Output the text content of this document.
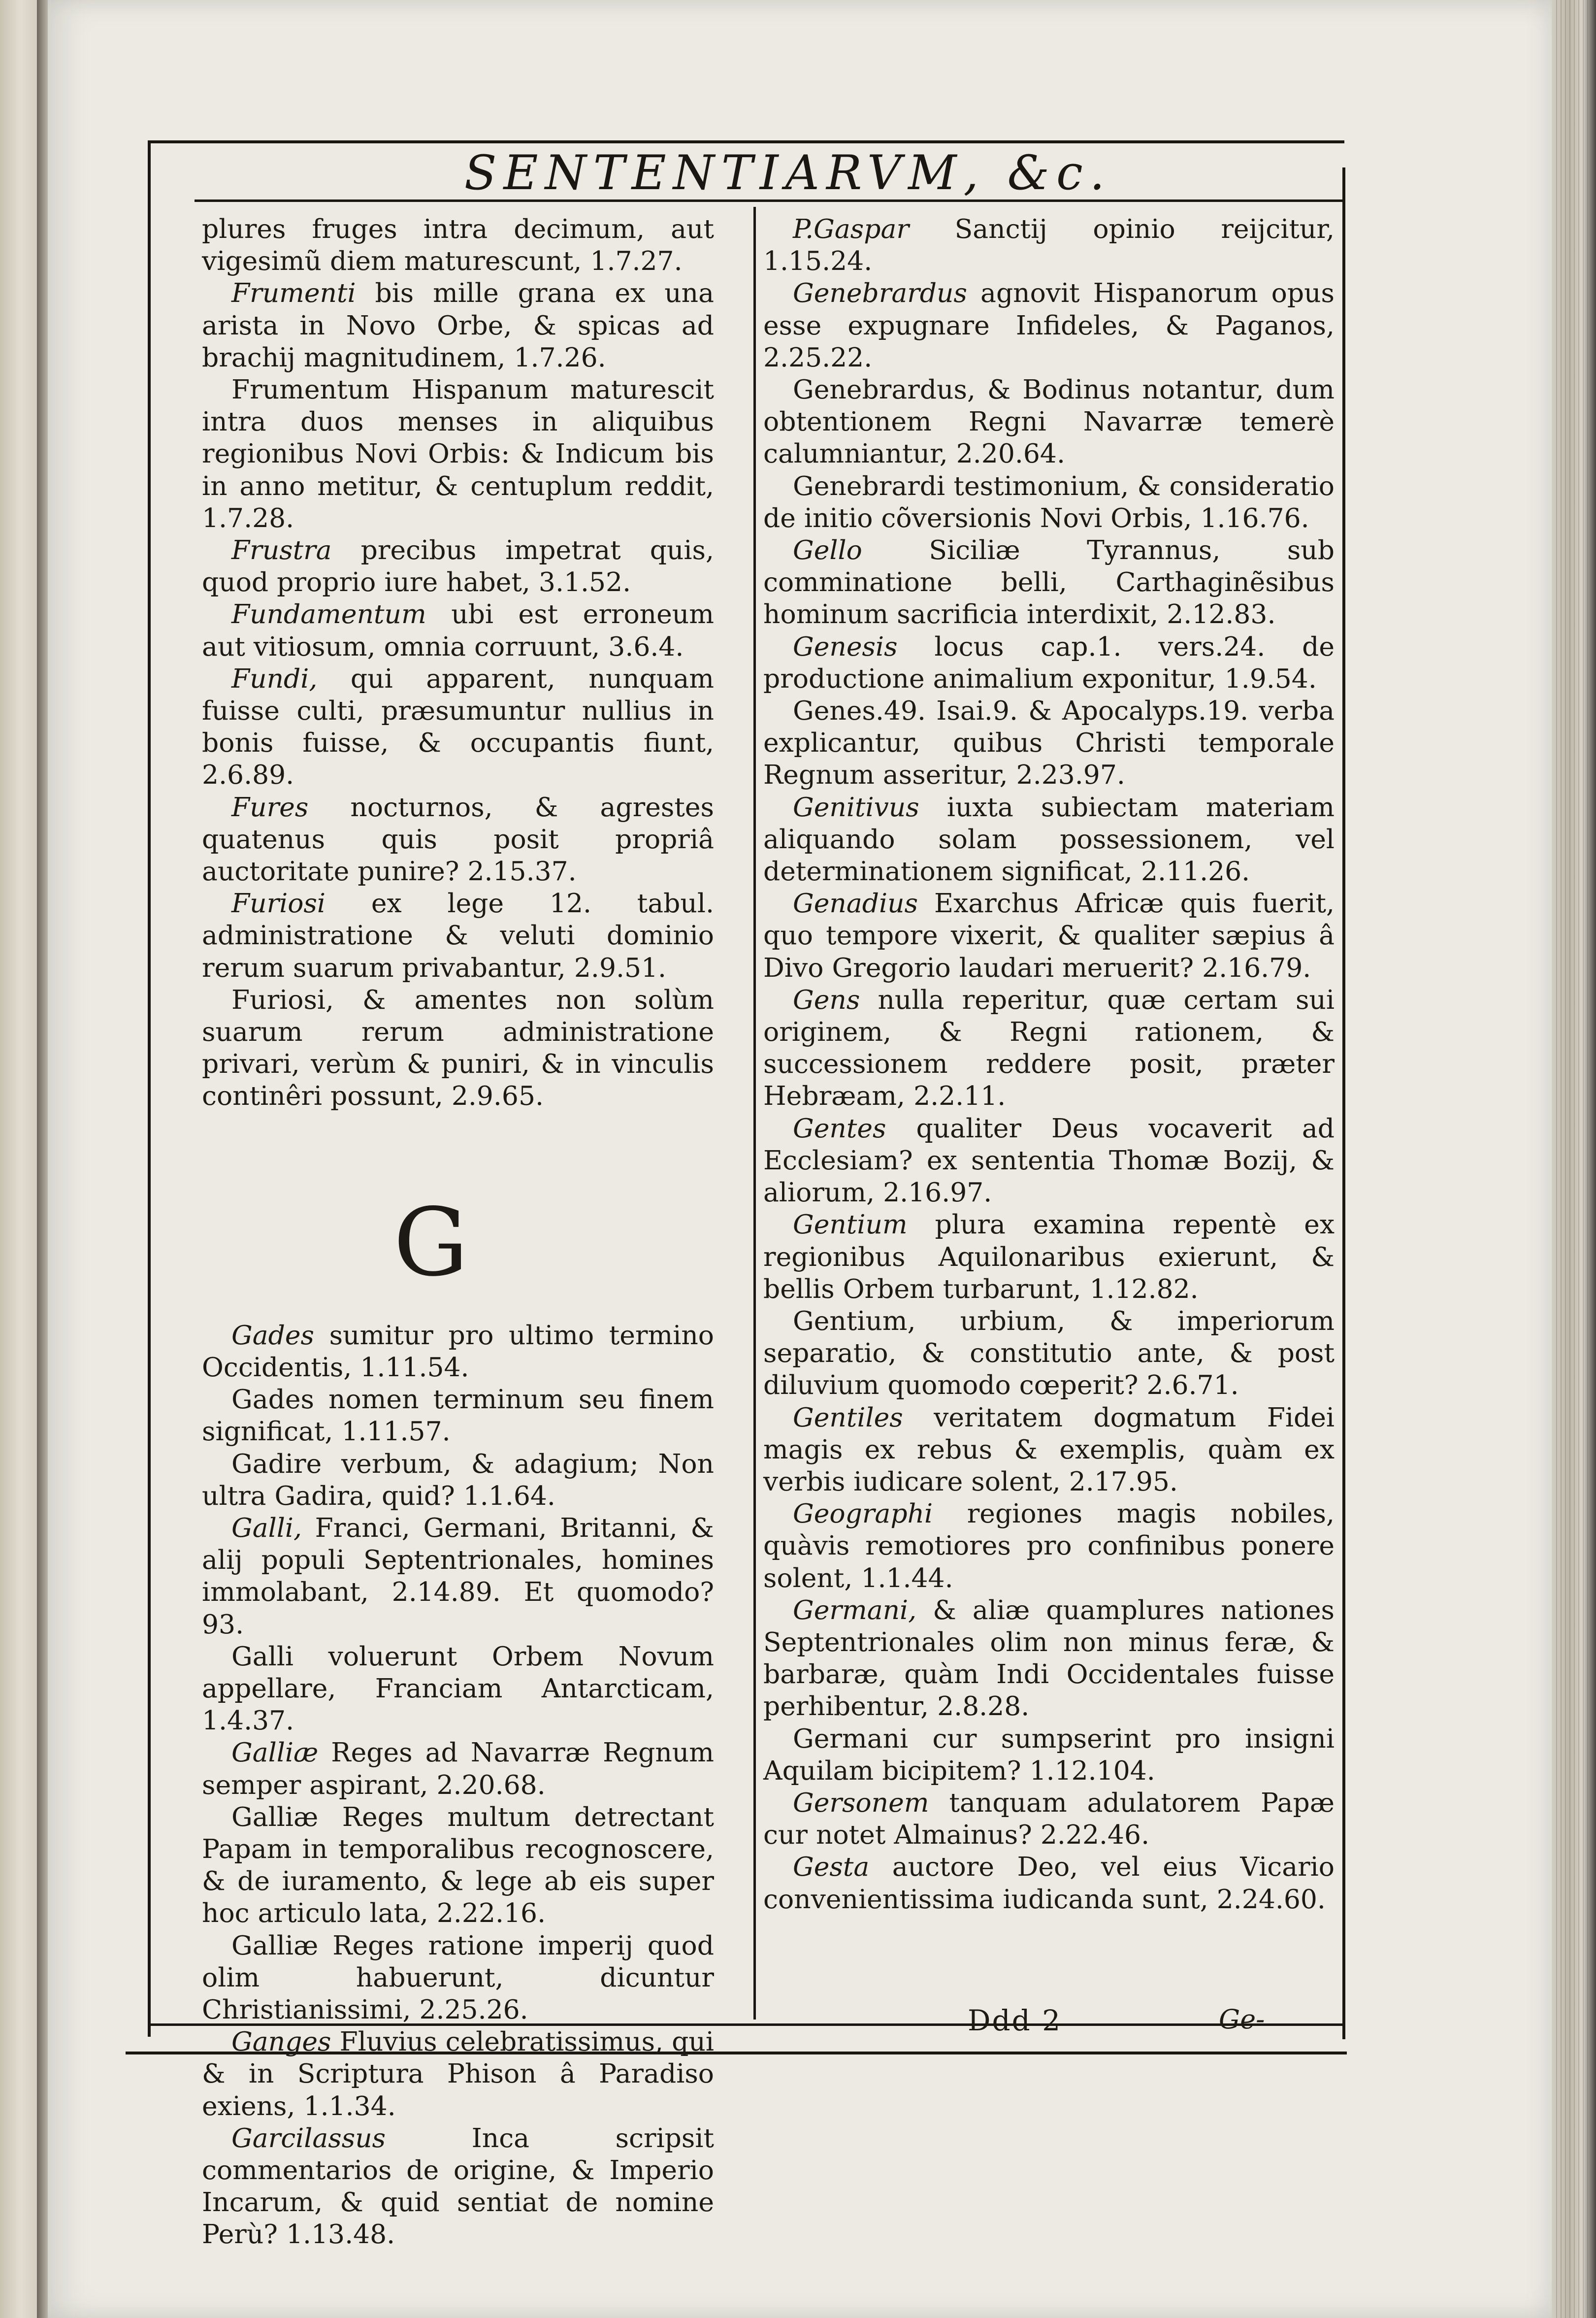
SENTENTIARVM, &c.

plures fruges intra decimum, aut vigesimũ diem maturescunt, 1.7.27.

Frumenti bis mille grana ex una arista in Novo Orbe, & spicas ad brachij magnitudinem, 1.7.26.

Frumentum Hispanum maturescit intra duos menses in aliquibus regionibus Novi Orbis: & Indicum bis in anno metitur, & centuplum reddit, 1.7.28.

Frustra precibus impetrat quis, quod proprio iure habet, 3.1.52.

Fundamentum ubi est erroneum aut vitiosum, omnia corruunt, 3.6.4.

Fundi, qui apparent, nunquam fuisse culti, præsumuntur nullius in bonis fuisse, & occupantis fiunt, 2.6.89.

Fures nocturnos, & agrestes quatenus quis posit propriâ auctoritate punire? 2.15.37.

Furiosi ex lege 12. tabul. administratione & veluti dominio rerum suarum privabantur, 2.9.51.

Furiosi, & amentes non solùm suarum rerum administratione privari, verùm & puniri, & in vinculis continêri possunt, 2.9.65.

G

Gades sumitur pro ultimo termino Occidentis, 1.11.54.

Gades nomen terminum seu finem significat, 1.11.57.

Gadire verbum, & adagium; Non ultra Gadira, quid? 1.1.64.

Galli, Franci, Germani, Britanni, & alij populi Septentrionales, homines immolabant, 2.14.89. Et quomodo? 93.

Galli voluerunt Orbem Novum appellare, Franciam Antarcticam, 1.4.37.

Galliæ Reges ad Navarræ Regnum semper aspirant, 2.20.68.

Galliæ Reges multum detrectant Papam in temporalibus recognoscere, & de iuramento, & lege ab eis super hoc articulo lata, 2.22.16.

Galliæ Reges ratione imperij quod olim habuerunt, dicuntur Christianissimi, 2.25.26.

Ganges Fluvius celebratissimus, qui & in Scriptura Phison â Paradiso exiens, 1.1.34.

Garcilassus Inca scripsit commentarios de origine, & Imperio Incarum, & quid sentiat de nomine Perù? 1.13.48.

P.Gaspar Sanctij opinio reijcitur, 1.15.24.

Genebrardus agnovit Hispanorum opus esse expugnare Infideles, & Paganos, 2.25.22.

Genebrardus, & Bodinus notantur, dum obtentionem Regni Navarræ temerè calumniantur, 2.20.64.

Genebrardi testimonium, & consideratio de initio cõversionis Novi Orbis, 1.16.76.

Gello Siciliæ Tyrannus, sub comminatione belli, Carthaginẽsibus hominum sacrificia interdixit, 2.12.83.

Genesis locus cap.1. vers.24. de productione animalium exponitur, 1.9.54.

Genes.49. Isai.9. & Apocalyps.19. verba explicantur, quibus Christi temporale Regnum asseritur, 2.23.97.

Genitivus iuxta subiectam materiam aliquando solam possessionem, vel determinationem significat, 2.11.26.

Genadius Exarchus Africæ quis fuerit, quo tempore vixerit, & qualiter sæpius â Divo Gregorio laudari meruerit? 2.16.79.

Gens nulla reperitur, quæ certam sui originem, & Regni rationem, & successionem reddere posit, præter Hebræam, 2.2.11.

Gentes qualiter Deus vocaverit ad Ecclesiam? ex sententia Thomæ Bozij, & aliorum, 2.16.97.

Gentium plura examina repentè ex regionibus Aquilonaribus exierunt, & bellis Orbem turbarunt, 1.12.82.

Gentium, urbium, & imperiorum separatio, & constitutio ante, & post diluvium quomodo cœperit? 2.6.71.

Gentiles veritatem dogmatum Fidei magis ex rebus & exemplis, quàm ex verbis iudicare solent, 2.17.95.

Geographi regiones magis nobiles, quàvis remotiores pro confinibus ponere solent, 1.1.44.

Germani, & aliæ quamplures nationes Septentrionales olim non minus feræ, & barbaræ, quàm Indi Occidentales fuisse perhibentur, 2.8.28.

Germani cur sumpserint pro insigni Aquilam bicipitem? 1.12.104.

Gersonem tanquam adulatorem Papæ cur notet Almainus? 2.22.46.

Gesta auctore Deo, vel eius Vicario convenientissima iudicanda sunt, 2.24.60.

Ddd 2	Ge-
